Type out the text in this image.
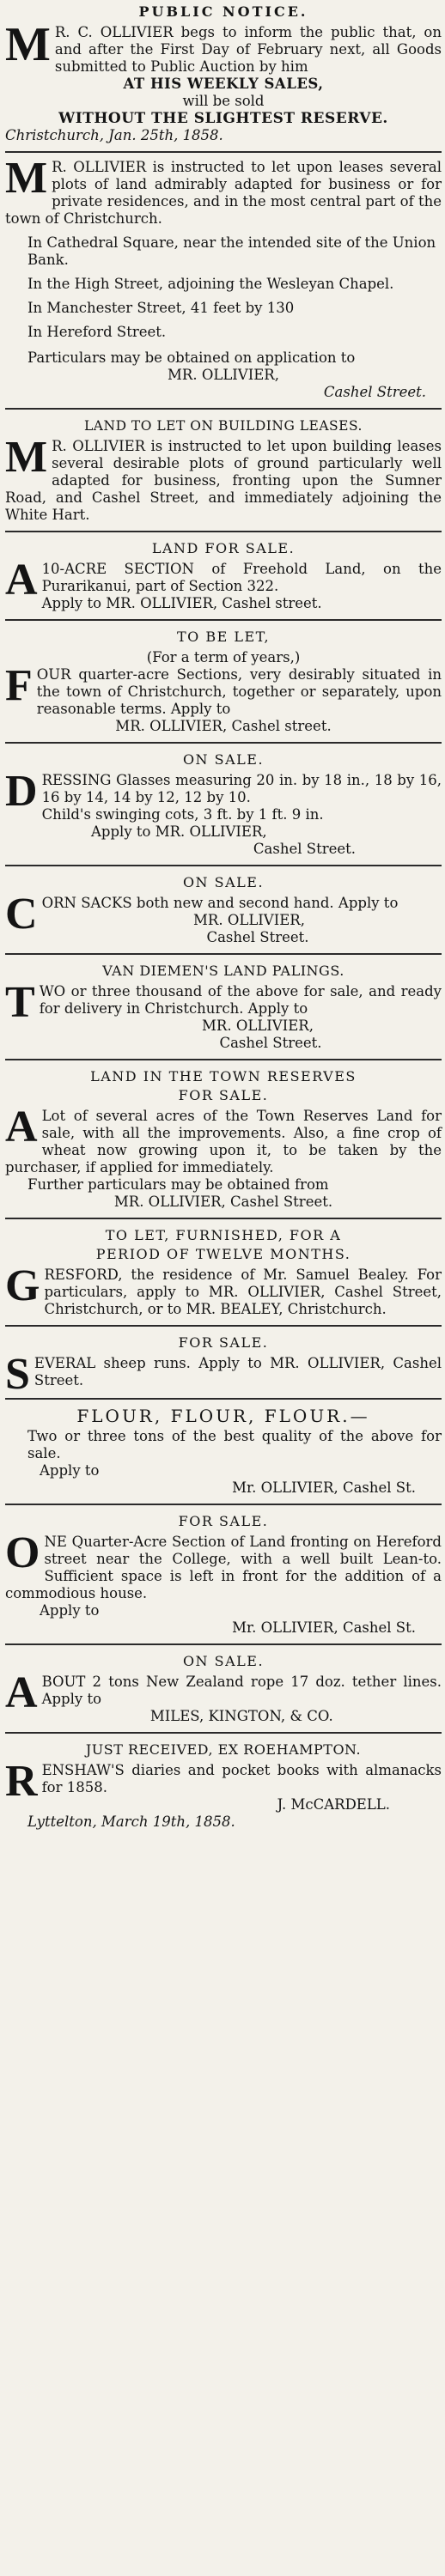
PUBLIC NOTICE.
M R. C. OLLIVIER begs to inform the public that, on and after the First Day of February next, all Goods submitted to Public Auction by him
AT HIS WEEKLY SALES,
will be sold
WITHOUT THE SLIGHTEST RESERVE.
Christchurch, Jan. 25th, 1858.
M R. OLLIVIER is instructed to let upon leases several plots of land admirably adapted for business or for private residences, and in the most central part of the town of Christchurch.
In Cathedral Square, near the intended site of the Union Bank.
In the High Street, adjoining the Wesleyan Chapel.
In Manchester Street, 41 feet by 130
In Hereford Street.
Particulars may be obtained on application to
MR. OLLIVIER,
Cashel Street.
LAND TO LET ON BUILDING LEASES.
M R. OLLIVIER is instructed to let upon building leases several desirable plots of ground particularly well adapted for business, fronting upon the Sumner Road, and Cashel Street, and immediately adjoining the White Hart.
LAND FOR SALE.
A 10-ACRE SECTION of Freehold Land, on the Purarikanui, part of Section 322.
Apply to MR. OLLIVIER, Cashel street.
TO BE LET,
(For a term of years,)
FOUR quarter-acre Sections, very desirably situated in the town of Christchurch, together or separately, upon reasonable terms. Apply to
MR. OLLIVIER, Cashel street.
ON SALE.
DRESSING Glasses measuring 20 in. by 18 in., 18 by 16, 16 by 14, 14 by 12, 12 by 10.
Child's swinging cots, 3 ft. by 1 ft. 9 in.
Apply to MR. OLLIVIER,
Cashel Street.
ON SALE.
CORN SACKS both new and second hand. Apply to
MR. OLLIVIER,
Cashel Street.
VAN DIEMEN'S LAND PALINGS.
TWO or three thousand of the above for sale, and ready for delivery in Christchurch. Apply to
MR. OLLIVIER,
Cashel Street.
LAND IN THE TOWN RESERVES
FOR SALE.
A Lot of several acres of the Town Reserves Land for sale, with all the improvements. Also, a fine crop of wheat now growing upon it, to be taken by the purchaser, if applied for immediately.
Further particulars may be obtained from
MR. OLLIVIER, Cashel Street.
TO LET, FURNISHED, FOR A
PERIOD OF TWELVE MONTHS.
GRESFORD, the residence of Mr. Samuel Bealey. For particulars, apply to MR. OLLIVIER, Cashel Street, Christchurch, or to MR. BEALEY, Christchurch.
FOR SALE.
SEVERAL sheep runs. Apply to MR. OLLIVIER, Cashel Street.
FLOUR, FLOUR, FLOUR.—
Two or three tons of the best quality of the above for sale.
Apply to
Mr. OLLIVIER, Cashel St.
FOR SALE.
ONE Quarter-Acre Section of Land fronting on Hereford street near the College, with a well built Lean-to. Sufficient space is left in front for the addition of a commodious house.
Apply to
Mr. OLLIVIER, Cashel St.
ON SALE.
ABOUT 2 tons New Zealand rope 17 doz. tether lines. Apply to
MILES, KINGTON, & CO.
JUST RECEIVED, EX ROEHAMPTON.
RENSHAW'S diaries and pocket books with almanacks for 1858.
J. McCARDELL.
Lyttelton, March 19th, 1858.
